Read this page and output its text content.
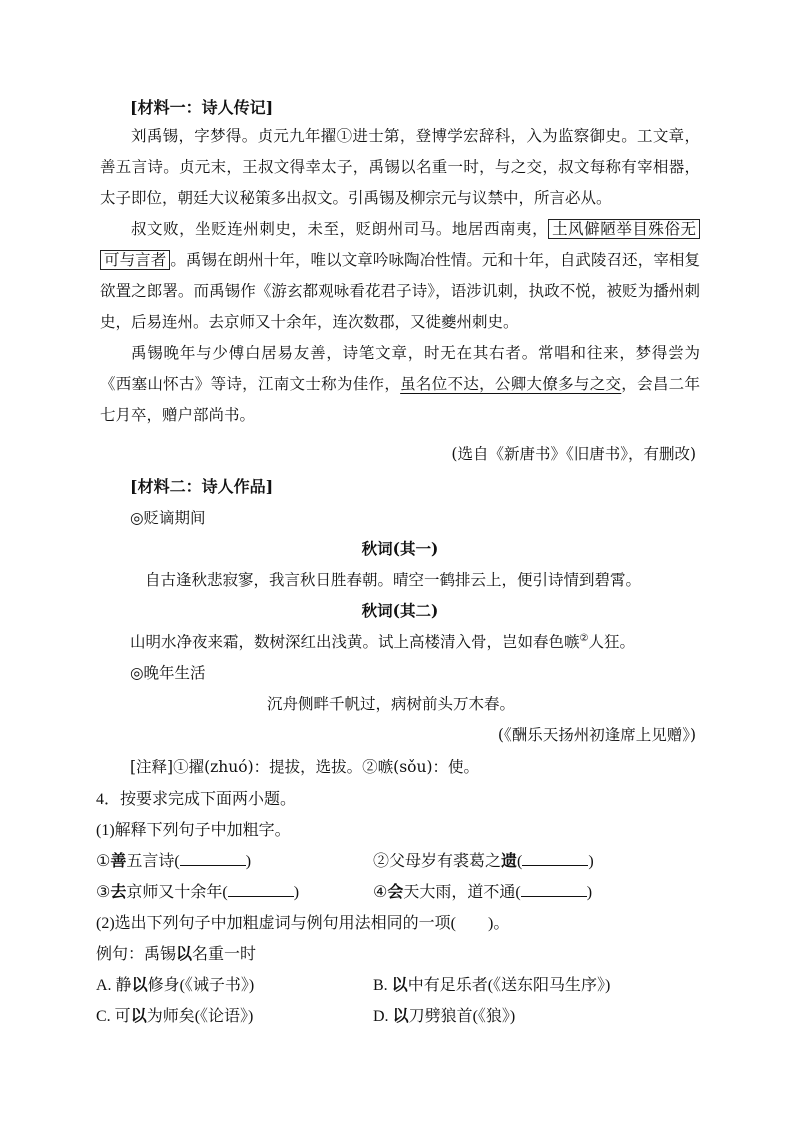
[材料一：诗人传记]

刘禹锡，字梦得。贞元九年擢①进士第，登博学宏辞科，入为监察御史。工文章，善五言诗。贞元末，王叔文得幸太子，禹锡以名重一时，与之交，叔文每称有宰相器，太子即位，朝廷大议秘策多出叔文。引禹锡及柳宗元与议禁中，所言必从。

叔文败，坐贬连州刺史，未至，贬朗州司马。地居西南夷， 土风僻陋举目殊俗无可与言者 。禹锡在朗州十年，唯以文章吟咏陶冶性情。元和十年，自武陵召还，宰相复欲置之郎署。而禹锡作《游玄都观咏看花君子诗》，语涉讥刺，执政不悦，被贬为播州刺史，后易连州。去京师又十余年，连次数郡，又徙夔州刺史。

禹锡晚年与少傅白居易友善，诗笔文章，时无在其右者。常唱和往来，梦得尝为《西塞山怀古》等诗，江南文士称为佳作，虽名位不达，公卿大僚多与之交，会昌二年七月卒，赠户部尚书。

(选自《新唐书》《旧唐书》，有删改)
[材料二：诗人作品]
◎贬谪期间
秋词(其一)
自古逢秋悲寂寥，我言秋日胜春朝。晴空一鹤排云上，便引诗情到碧霄。
秋词(其二)
山明水净夜来霜，数树深红出浅黄。试上高楼清入骨，岂如春色嗾②人狂。
◎晚年生活
沉舟侧畔千帆过，病树前头万木春。
(《酬乐天扬州初逢席上见赠》)
[注释]①擢(zhuó)：提拔，选拔。②嗾(sǒu)：使。
4．按要求完成下面两小题。
(1)解释下列句子中加粗字。
①善五言诗(	)	②父母岁有裘葛之遗(	)
③去京师又十余年(	)	④会天大雨，道不通(	)
(2)选出下列句子中加粗虚词与例句用法相同的一项(　　)。
例句：禹锡以名重一时
A. 静以修身(《诫子书》)	B. 以中有足乐者(《送东阳马生序》)
C. 可以为师矣(《论语》)	D. 以刀劈狼首(《狼》)
